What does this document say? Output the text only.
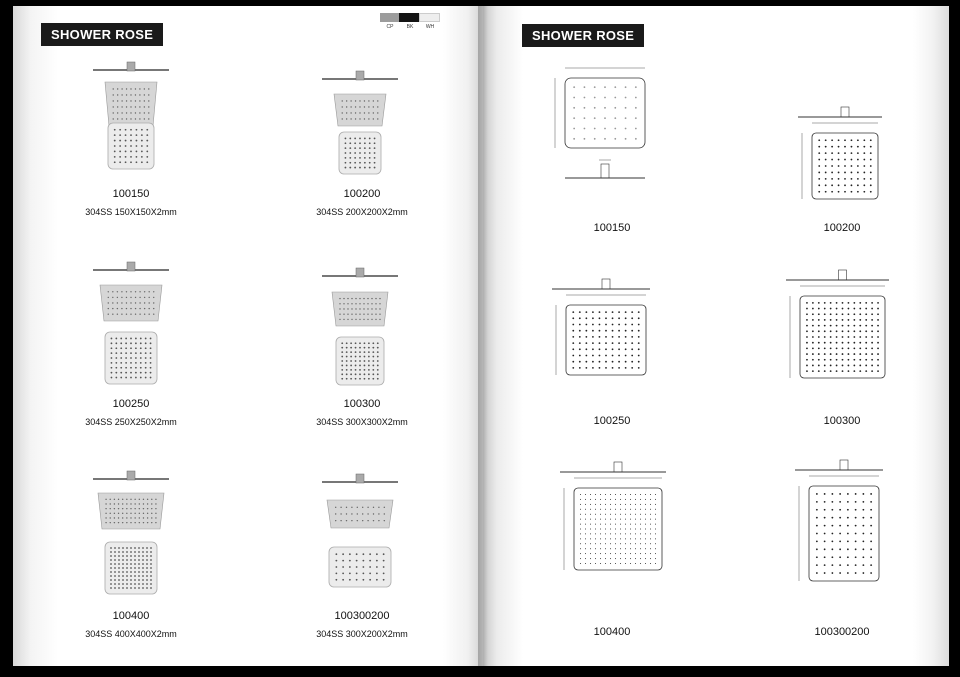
SHOWER ROSE	CP	BK	WH
SHOWER ROSE
100150
304SS 150X150X2mm
100200
304SS 200X200X2mm
100250
304SS 250X250X2mm
100300
304SS 300X300X2mm
100400
304SS 400X400X2mm
100300200
304SS 300X200X2mm
100150	100200
100250	100300
100400	100300200
